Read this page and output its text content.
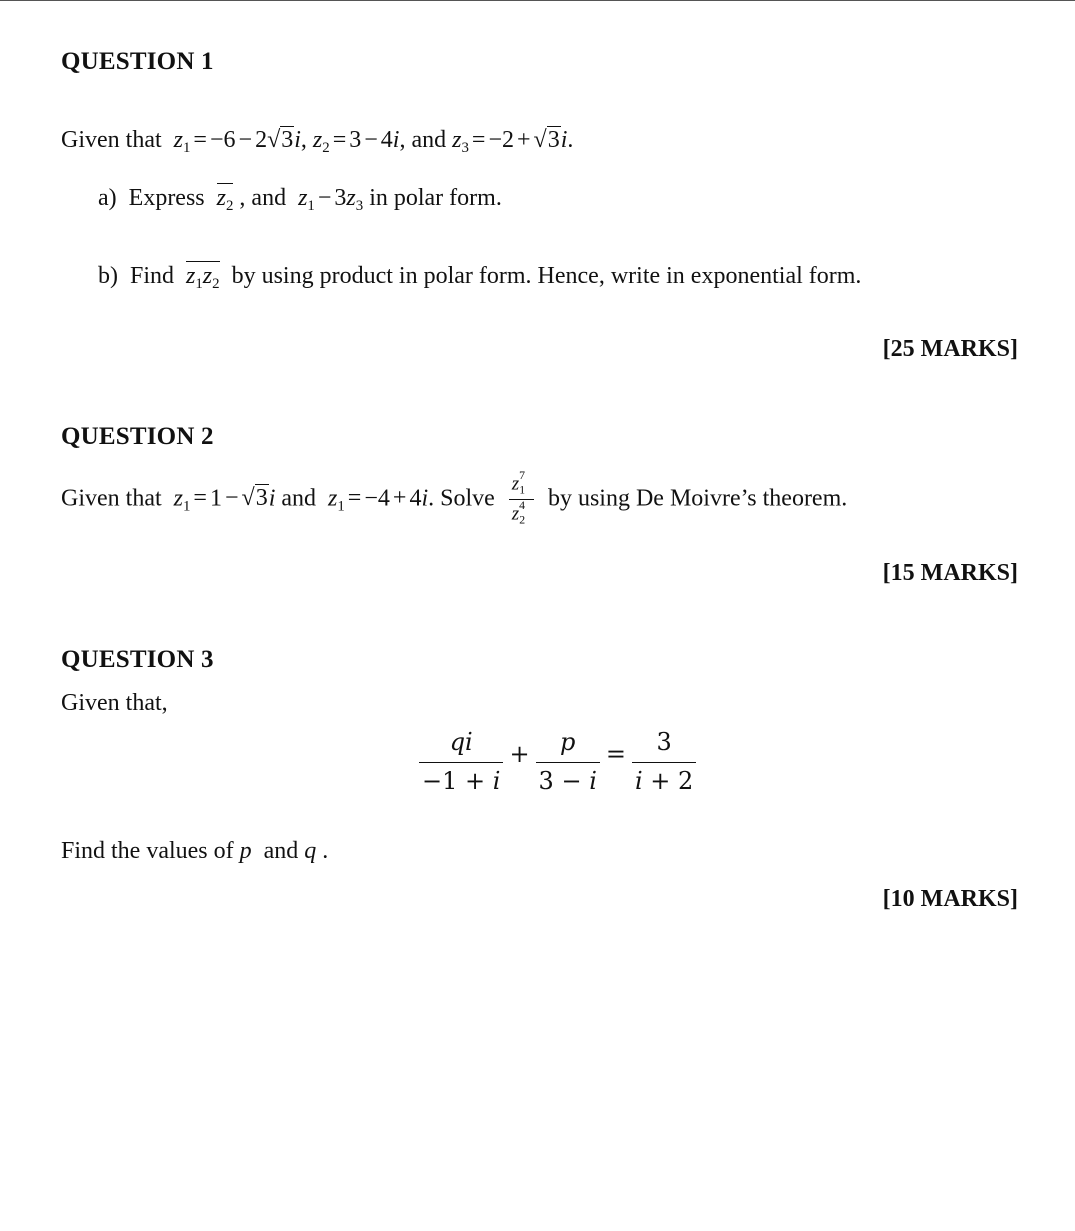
QUESTION 1
Given that $z_1 = -6 - 2√3i$, $z_2 = 3 - 4i$, and $z_3 = -2 + √3i$.
a)  Express  $z_2$ , and  $z_1 - 3z_3$ in polar form.
b)  Find  $z_1z_2$  by using product in polar form. Hence, write in exponential form.
[25 MARKS]
QUESTION 2
Given that  $z_1 = 1 - √3i$ and  $z_1 = -4 + 4i$. Solve $\frac{z_1^7}{z_2^4}$ by using De Moivre’s theorem.
[15 MARKS]
QUESTION 3
Given that,
$\frac{qi}{-1 + i} + \frac{p}{3 - i} = \frac{3}{i + 2}$
Find the values of p  and q .
[10 MARKS]
